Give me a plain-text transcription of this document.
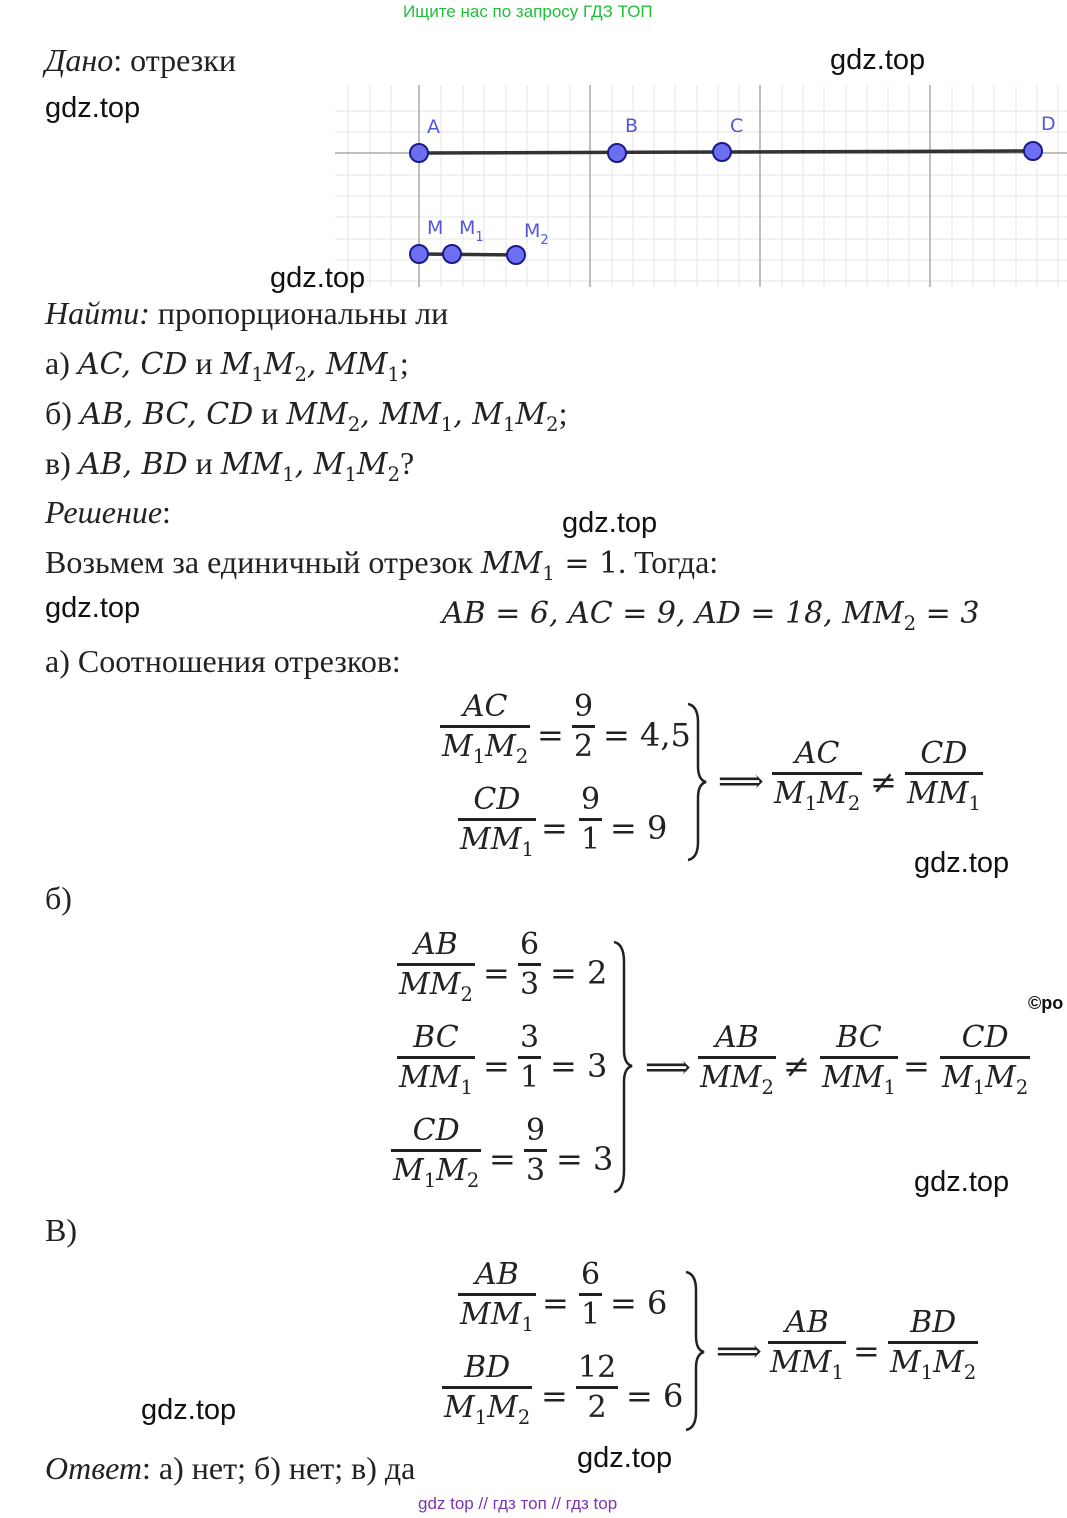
Ищите нас по запросу ГДЗ ТОП
Дано: отрезки	gdz.top
gdz.top
A	B	C	D
M $M_1$ $M_2$
gdz.top
Найти: пропорциональны ли
а) AC, CD и $M_1M_2$, $MM_1$;
б) AB, BC, CD и $MM_2$, $MM_1$, $M_1M_2$;
в) AB, BD и $MM_1$, $M_1M_2$?
Решение:	gdz.top
Возьмем за единичный отрезок $MM_1 = 1$. Тогда:
gdz.top	AB = 6, AC = 9, AD = 18, $MM_2 = 3$
а) Соотношения отрезков:
AC
$M_1M_2$
=
9
2 = 4,5
CD
$MM_1$
=
9
1 = 9
⟹
AC
$M_1M_2$
≠
CD
$MM_1$
gdz.top
б)
AB
$MM_2$
=
6
3 = 2
BC
$MM_1$
=
3
1 = 3
CD
$M_1M_2$
=
9
3 = 3
©po
⟹
AB
$MM_2$
≠
BC
$MM_1$
=
CD
$M_1M_2$
gdz.top
В)
AB
$MM_1$
=
6
1 = 6
BD
$M_1M_2$
=
12
2 = 6
⟹
AB
$MM_1$
=
BD
$M_1M_2$
gdz.top
Ответ: а) нет; б) нет; в) да	gdz.top
gdz top // гдз топ // гдз top
